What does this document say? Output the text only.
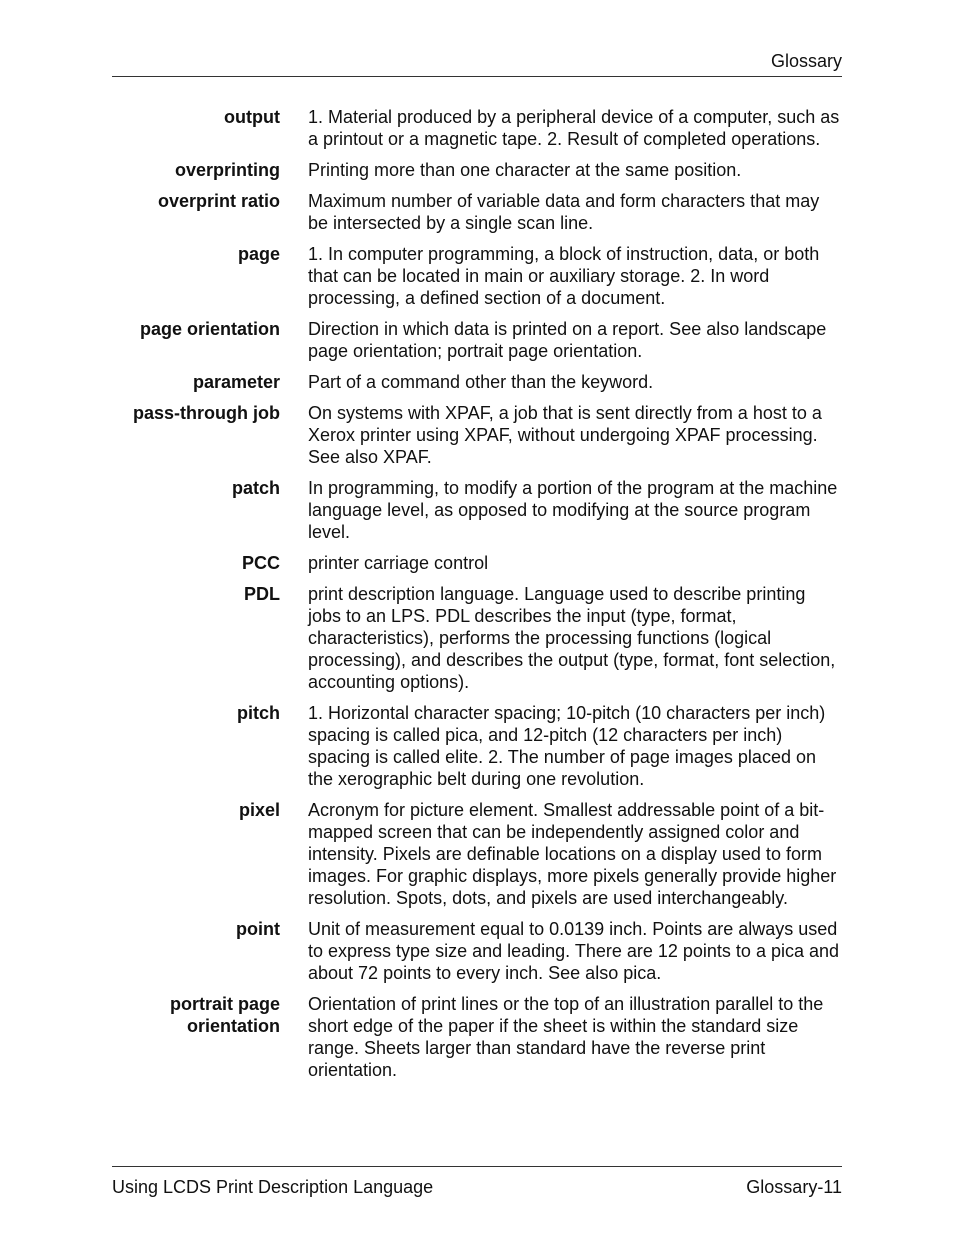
Glossary
output 1. Material produced by a peripheral device of a computer, such as a printout or a magnetic tape. 2. Result of completed operations.
overprinting Printing more than one character at the same position.
overprint ratio Maximum number of variable data and form characters that may be intersected by a single scan line.
page 1. In computer programming, a block of instruction, data, or both that can be located in main or auxiliary storage. 2. In word processing, a defined section of a document.
page orientation Direction in which data is printed on a report. See also landscape page orientation; portrait page orientation.
parameter Part of a command other than the keyword.
pass-through job On systems with XPAF, a job that is sent directly from a host to a Xerox printer using XPAF, without undergoing XPAF processing. See also XPAF.
patch In programming, to modify a portion of the program at the machine language level, as opposed to modifying at the source program level.
PCC printer carriage control
PDL print description language. Language used to describe printing jobs to an LPS. PDL describes the input (type, format, characteristics), performs the processing functions (logical processing), and describes the output (type, format, font selection, accounting options).
pitch 1. Horizontal character spacing; 10-pitch (10 characters per inch) spacing is called pica, and 12-pitch (12 characters per inch) spacing is called elite. 2. The number of page images placed on the xerographic belt during one revolution.
pixel Acronym for picture element. Smallest addressable point of a bit-mapped screen that can be independently assigned color and intensity. Pixels are definable locations on a display used to form images. For graphic displays, more pixels generally provide higher resolution. Spots, dots, and pixels are used interchangeably.
point Unit of measurement equal to 0.0139 inch. Points are always used to express type size and leading. There are 12 points to a pica and about 72 points to every inch. See also pica.
portrait page orientation
Orientation of print lines or the top of an illustration parallel to the short edge of the paper if the sheet is within the standard size range. Sheets larger than standard have the reverse print orientation.
Using LCDS Print Description Language	Glossary-11
